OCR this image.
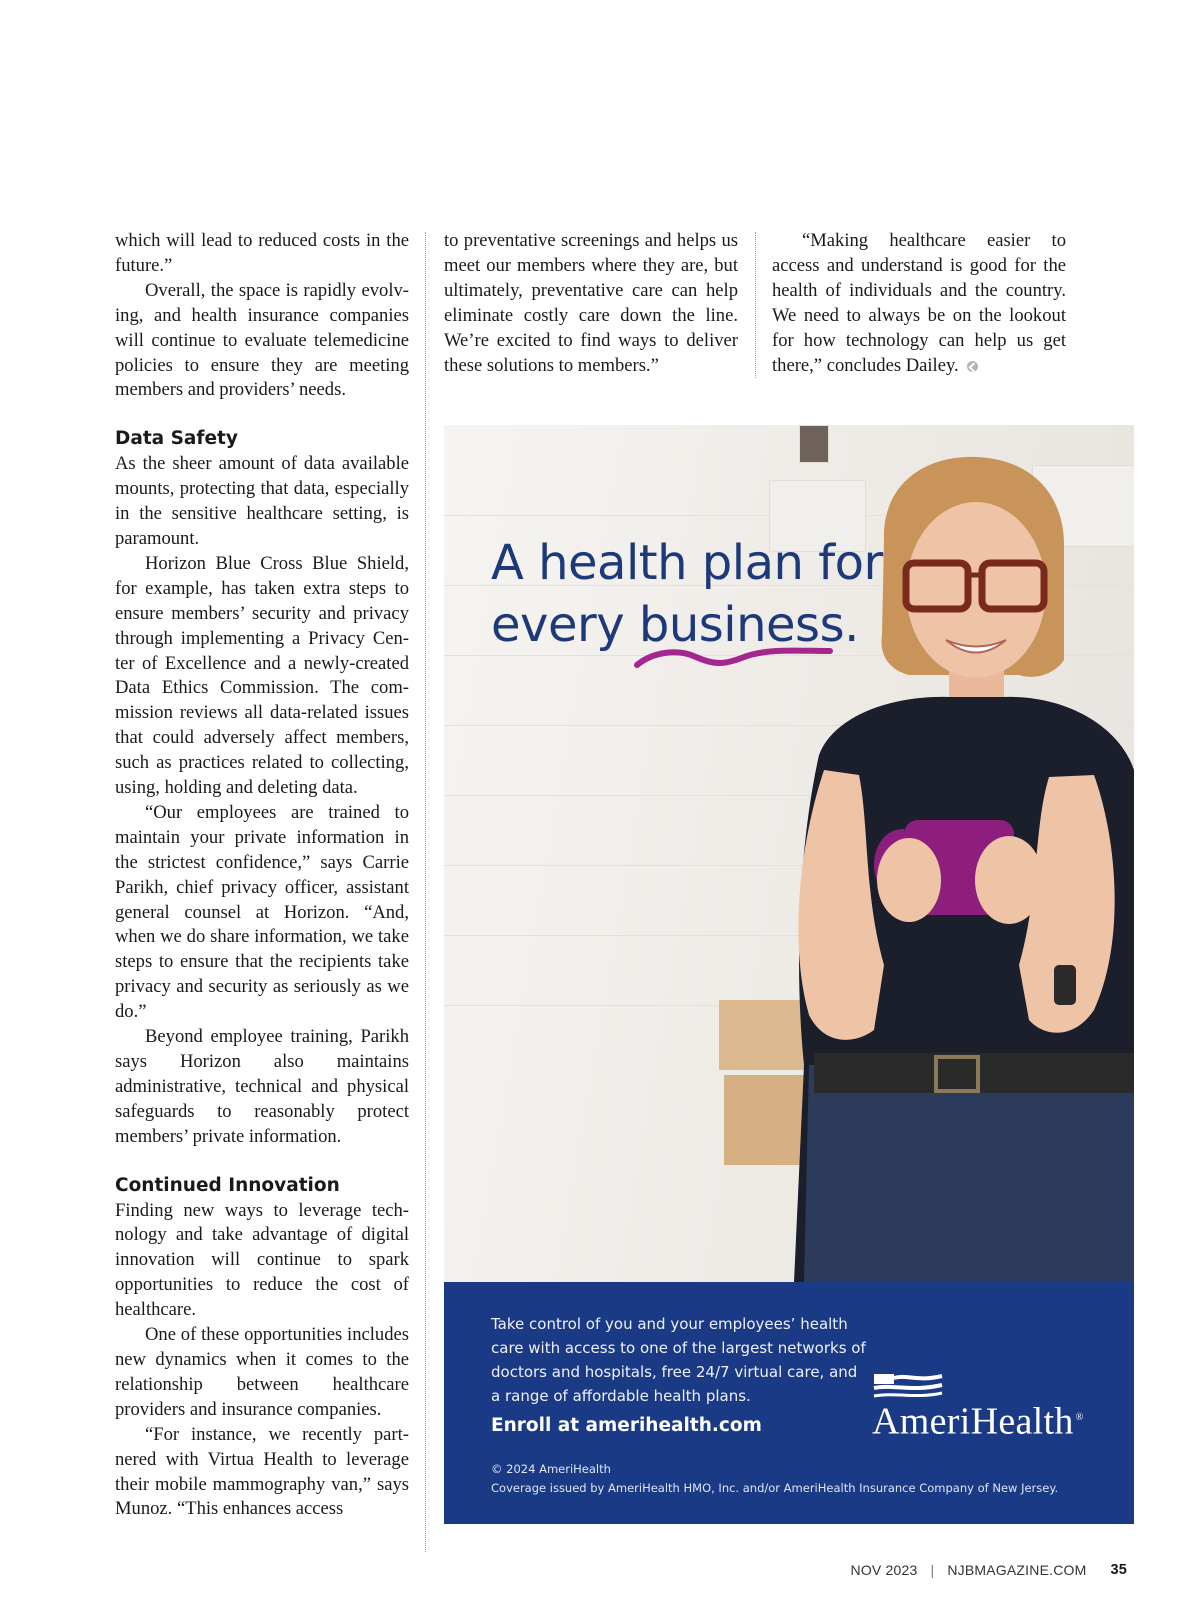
which will lead to reduced costs in the future.”

Overall, the space is rapidly evolving, and health insurance companies will continue to evaluate telemedicine policies to ensure they are meeting members and providers’ needs.

Data Safety

As the sheer amount of data available mounts, protecting that data, especially in the sensitive healthcare setting, is paramount.

Horizon Blue Cross Blue Shield, for example, has taken extra steps to ensure members’ security and privacy through implementing a Privacy Center of Excellence and a newly-created Data Ethics Commission. The commission reviews all data-related issues that could adversely affect members, such as practices related to collecting, using, holding and deleting data.

“Our employees are trained to maintain your private information in the strictest confidence,” says Carrie Parikh, chief privacy officer, assistant general counsel at Horizon. “And, when we do share information, we take steps to ensure that the recipients take privacy and security as seriously as we do.”

Beyond employee training, Parikh says Horizon also maintains administrative, technical and physical safeguards to reasonably protect members’ private information.

Continued Innovation

Finding new ways to leverage technology and take advantage of digital innovation will continue to spark opportunities to reduce the cost of healthcare.

One of these opportunities includes new dynamics when it comes to the relationship between healthcare providers and insurance companies.

“For instance, we recently partnered with Virtua Health to leverage their mobile mammography van,” says Munoz. “This enhances access

to preventative screenings and helps us meet our members where they are, but ultimately, preventative care can help eliminate costly care down the line. We’re excited to find ways to deliver these solutions to members.”

“Making healthcare easier to access and understand is good for the health of individuals and the country. We need to always be on the lookout for how technology can help us get there,” concludes Dailey.

A health plan for
every business.

Take control of you and your employees’ health care with access to one of the largest networks of doctors and hospitals, free 24/7 virtual care, and a range of affordable health plans.

Enroll at amerihealth.com

© 2024 AmeriHealth

Coverage issued by AmeriHealth HMO, Inc. and/or AmeriHealth Insurance Company of New Jersey.

AmeriHealth ®
NOV 2023 | NJBMAGAZINE.COM 35
